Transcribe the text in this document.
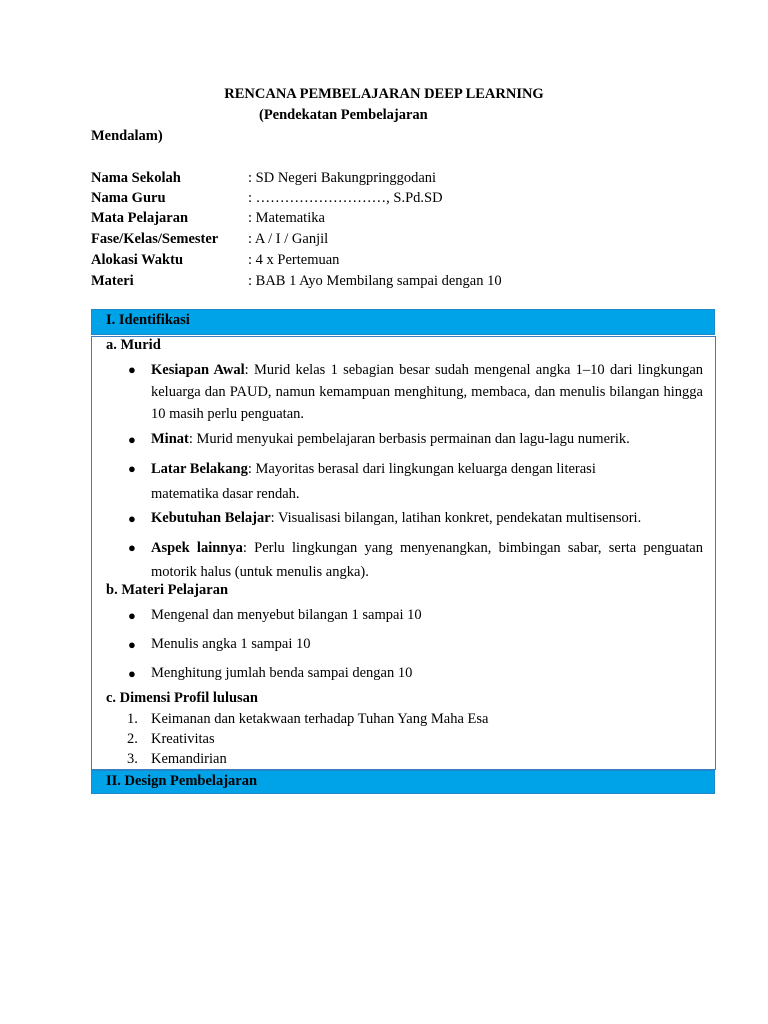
RENCANA PEMBELAJARAN DEEP LEARNING
(Pendekatan Pembelajaran
Mendalam)
Nama Sekolah	: SD Negeri Bakungpringgodani
Nama Guru	: ………………………, S.Pd.SD
Mata Pelajaran	: Matematika
Fase/Kelas/Semester : A / I / Ganjil
Alokasi Waktu	: 4 x Pertemuan
Materi	: BAB 1 Ayo Membilang sampai dengan 10
I. Identifikasi
a. Murid
● Kesiapan Awal: Murid kelas 1 sebagian besar sudah mengenal angka 1–10 dari lingkungan keluarga dan PAUD, namun kemampuan menghitung, membaca, dan menulis bilangan hingga 10 masih perlu penguatan.
● Minat: Murid menyukai pembelajaran berbasis permainan dan lagu-lagu numerik.
● Latar Belakang: Mayoritas berasal dari lingkungan keluarga dengan literasi matematika dasar rendah.
● Kebutuhan Belajar: Visualisasi bilangan, latihan konkret, pendekatan multisensori.
● Aspek lainnya: Perlu lingkungan yang menyenangkan, bimbingan sabar, serta penguatan motorik halus (untuk menulis angka).
b. Materi Pelajaran
● Mengenal dan menyebut bilangan 1 sampai 10
● Menulis angka 1 sampai 10
● Menghitung jumlah benda sampai dengan 10
c. Dimensi Profil lulusan
1. Keimanan dan ketakwaan terhadap Tuhan Yang Maha Esa
2. Kreativitas
3. Kemandirian
II. Design Pembelajaran
